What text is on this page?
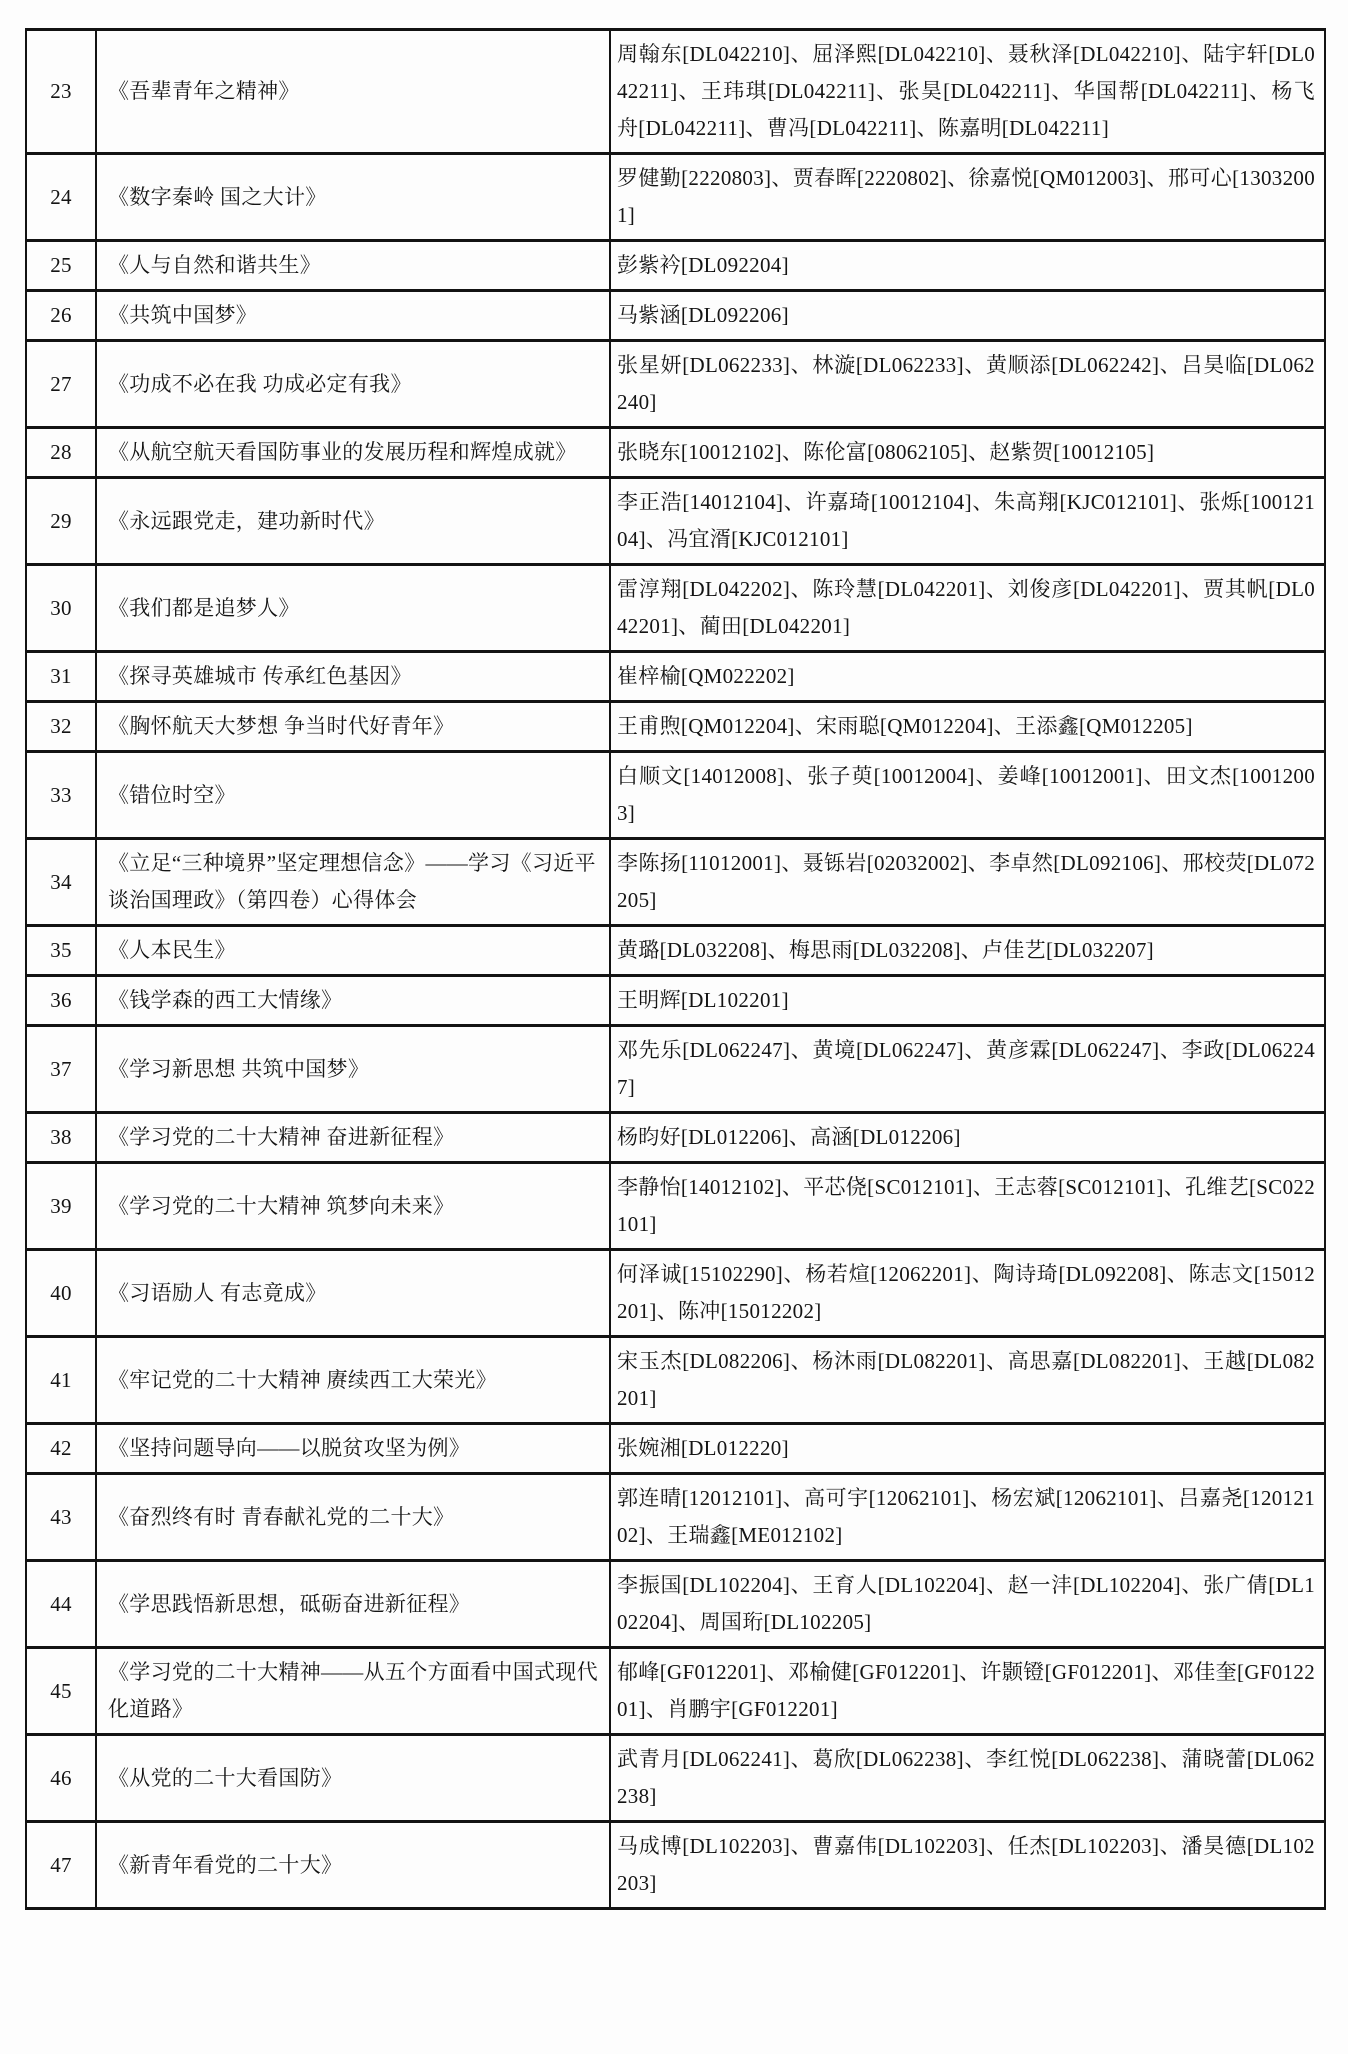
23	《吾辈青年之精神》	周翰东[DL042210]、屈泽熙[DL042210]、聂秋泽[DL042210]、陆宇轩[DL042211]、王玮琪[DL042211]、张昊[DL042211]、华国帮[DL042211]、杨飞舟[DL042211]、曹冯[DL042211]、陈嘉明[DL042211]
24	《数字秦岭 国之大计》	罗健勤[2220803]、贾春晖[2220802]、徐嘉悦[QM012003]、邢可心[13032001]
25	《人与自然和谐共生》	彭紫衿[DL092204]
26	《共筑中国梦》	马紫涵[DL092206]
27	《功成不必在我 功成必定有我》	张星妍[DL062233]、林漩[DL062233]、黄顺添[DL062242]、吕昊临[DL062240]
28	《从航空航天看国防事业的发展历程和辉煌成就》	张晓东[10012102]、陈伦富[08062105]、赵紫贺[10012105]
29	《永远跟党走，建功新时代》	李正浩[14012104]、许嘉琦[10012104]、朱高翔[KJC012101]、张烁[10012104]、冯宜湑[KJC012101]
30	《我们都是追梦人》	雷淳翔[DL042202]、陈玲慧[DL042201]、刘俊彦[DL042201]、贾其帆[DL042201]、蔺田[DL042201]
31	《探寻英雄城市 传承红色基因》	崔梓榆[QM022202]
32	《胸怀航天大梦想 争当时代好青年》	王甫煦[QM012204]、宋雨聪[QM012204]、王添鑫[QM012205]
33	《错位时空》	白顺文[14012008]、张子萸[10012004]、姜峰[10012001]、田文杰[10012003]
34	《立足“三种境界”坚定理想信念》——学习《习近平谈治国理政》（第四卷）心得体会	李陈扬[11012001]、聂铄岩[02032002]、李卓然[DL092106]、邢校荧[DL072205]
35	《人本民生》	黄璐[DL032208]、梅思雨[DL032208]、卢佳艺[DL032207]
36	《钱学森的西工大情缘》	王明辉[DL102201]
37	《学习新思想 共筑中国梦》	邓先乐[DL062247]、黄境[DL062247]、黄彦霖[DL062247]、李政[DL062247]
38	《学习党的二十大精神 奋进新征程》	杨昀好[DL012206]、高涵[DL012206]
39	《学习党的二十大精神 筑梦向未来》	李静怡[14012102]、平芯侥[SC012101]、王志蓉[SC012101]、孔维艺[SC022101]
40	《习语励人 有志竟成》	何泽诚[15102290]、杨若煊[12062201]、陶诗琦[DL092208]、陈志文[15012201]、陈冲[15012202]
41	《牢记党的二十大精神 赓续西工大荣光》	宋玉杰[DL082206]、杨沐雨[DL082201]、高思嘉[DL082201]、王越[DL082201]
42	《坚持问题导向——以脱贫攻坚为例》	张婉湘[DL012220]
43	《奋烈终有时 青春献礼党的二十大》	郭连晴[12012101]、高可宇[12062101]、杨宏斌[12062101]、吕嘉尧[12012102]、王瑞鑫[ME012102]
44	《学思践悟新思想，砥砺奋进新征程》	李振国[DL102204]、王育人[DL102204]、赵一沣[DL102204]、张广倩[DL102204]、周国珩[DL102205]
45	《学习党的二十大精神——从五个方面看中国式现代化道路》	郁峰[GF012201]、邓榆健[GF012201]、许颢镫[GF012201]、邓佳奎[GF012201]、肖鹏宇[GF012201]
46	《从党的二十大看国防》	武青月[DL062241]、葛欣[DL062238]、李红悦[DL062238]、蒲晓蕾[DL062238]
47	《新青年看党的二十大》	马成博[DL102203]、曹嘉伟[DL102203]、任杰[DL102203]、潘昊德[DL102203]
